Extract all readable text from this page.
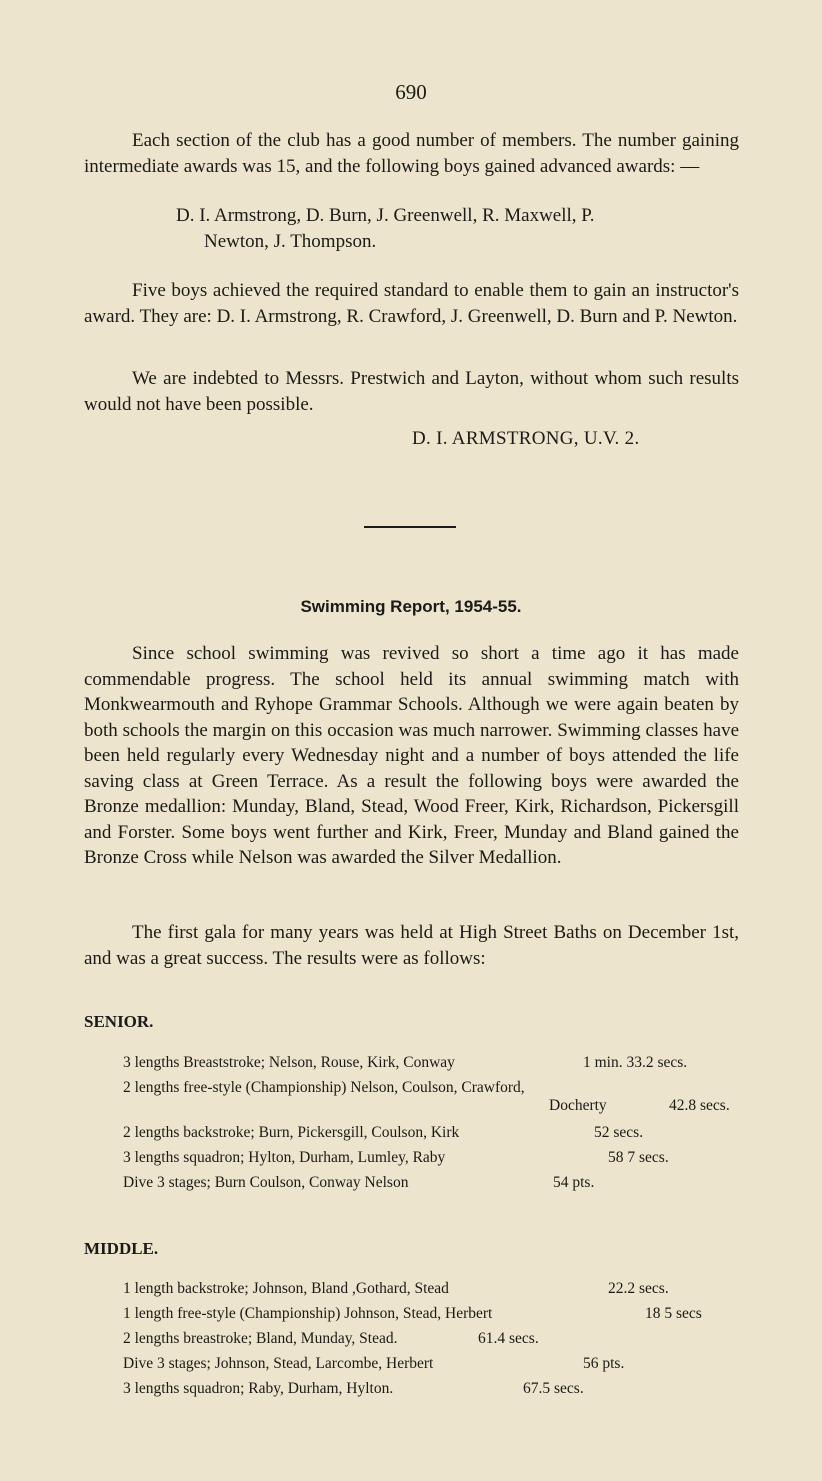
690

Each section of the club has a good number of members. The number gaining intermediate awards was 15, and the following boys gained advanced awards: —

D. I. Armstrong, D. Burn, J. Greenwell, R. Maxwell, P.
Newton, J. Thompson.

Five boys achieved the required standard to enable them to gain an instructor's award. They are: D. I. Armstrong, R. Crawford, J. Greenwell, D. Burn and P. Newton.

We are indebted to Messrs. Prestwich and Layton, without whom such results would not have been possible.

D. I. ARMSTRONG, U.V. 2.
Swimming Report, 1954-55.

Since school swimming was revived so short a time ago it has made commendable progress. The school held its annual swimming match with Monkwearmouth and Ryhope Grammar Schools. Although we were again beaten by both schools the margin on this occasion was much narrower. Swimming classes have been held regularly every Wednesday night and a number of boys attended the life saving class at Green Terrace. As a result the following boys were awarded the Bronze medallion: Munday, Bland, Stead, Wood Freer, Kirk, Richardson, Pickersgill and Forster. Some boys went further and Kirk, Freer, Munday and Bland gained the Bronze Cross while Nelson was awarded the Silver Medallion.

The first gala for many years was held at High Street Baths on December 1st, and was a great success. The results were as follows:

SENIOR.
3 lengths Breaststroke; Nelson, Rouse, Kirk, Conway	1 min. 33.2 secs.
2 lengths free-style (Championship) Nelson, Coulson, Crawford,
Docherty	42.8 secs.
2 lengths backstroke; Burn, Pickersgill, Coulson, Kirk	52 secs.
3 lengths squadron; Hylton, Durham, Lumley, Raby	58 7 secs.
Dive 3 stages; Burn Coulson, Conway Nelson	54 pts.
MIDDLE.
1 length backstroke; Johnson, Bland ,Gothard, Stead	22.2 secs.
1 length free-style (Championship) Johnson, Stead, Herbert	18 5 secs
2 lengths breastroke; Bland, Munday, Stead.	61.4 secs.
Dive 3 stages; Johnson, Stead, Larcombe, Herbert	56 pts.
3 lengths squadron; Raby, Durham, Hylton.	67.5 secs.
